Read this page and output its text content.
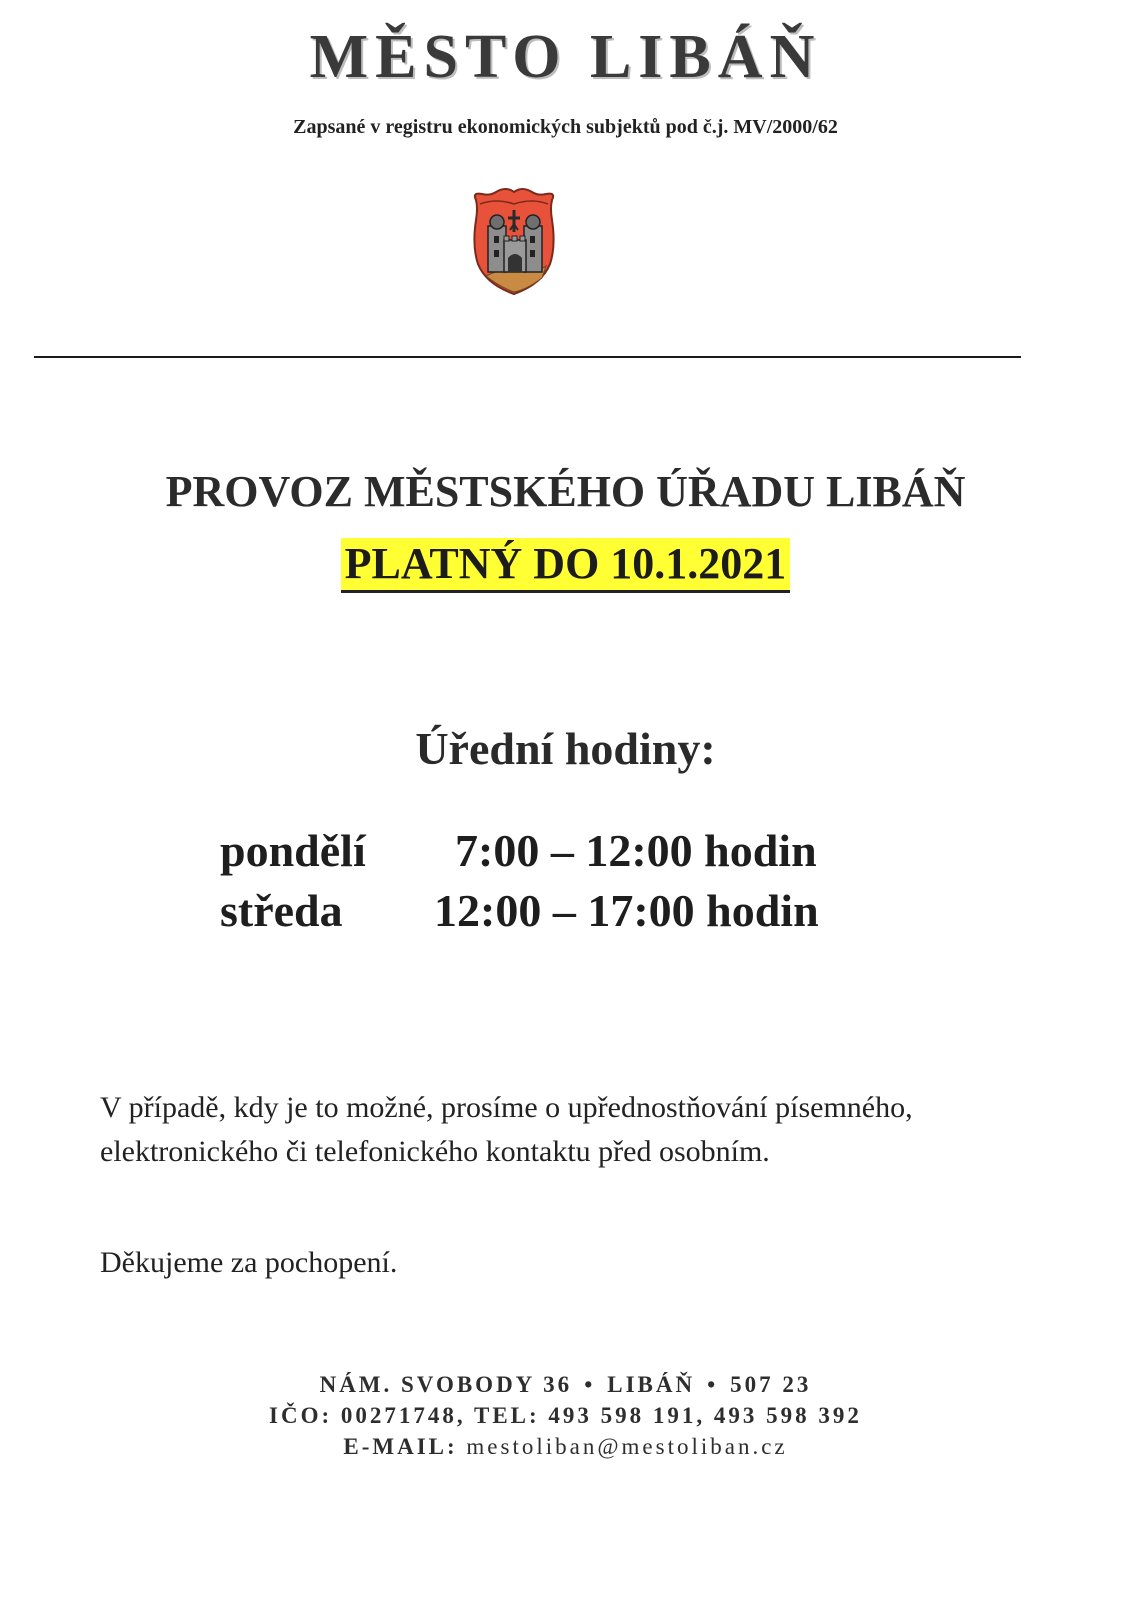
MĚSTO LIBÁŇ
Zapsané v registru ekonomických subjektů pod č.j. MV/2000/62
PROVOZ MĚSTSKÉHO ÚŘADU LIBÁŇ
PLATNÝ DO 10.1.2021
Úřední hodiny:
pondělí 7:00 – 12:00 hodin
středa 12:00 – 17:00 hodin
V případě, kdy je to možné, prosíme o upřednostňování písemného,
elektronického či telefonického kontaktu před osobním.
Děkujeme za pochopení.
NÁM. SVOBODY 36 • LIBÁŇ • 507 23
IČO: 00271748, TEL: 493 598 191, 493 598 392
E-MAIL: mestoliban@mestoliban.cz
